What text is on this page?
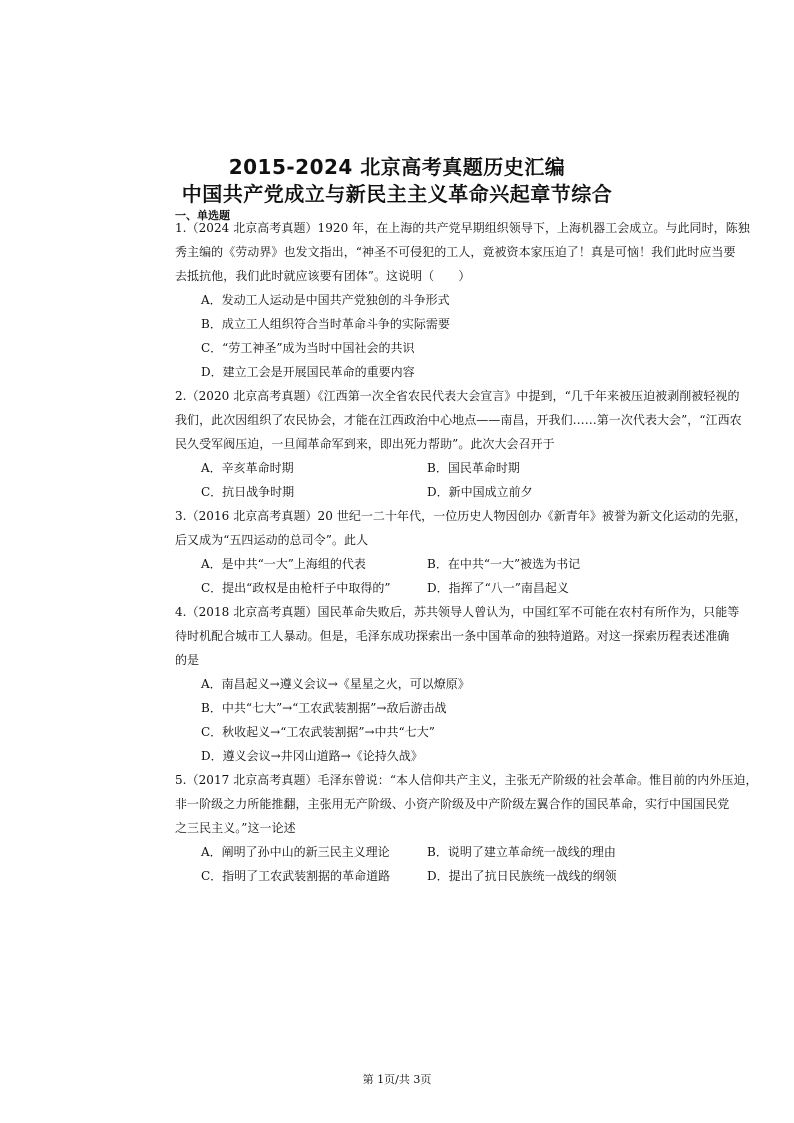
2015-2024 北京高考真题历史汇编
中国共产党成立与新民主主义革命兴起章节综合
一、单选题
1.（2024 北京高考真题）1920 年，在上海的共产党早期组织领导下，上海机器工会成立。与此同时，陈独
秀主编的《劳动界》也发文指出，“神圣不可侵犯的工人，竟被资本家压迫了！真是可恼！我们此时应当要
去抵抗他，我们此时就应该要有团体”。这说明（　　）
A．发动工人运动是中国共产党独创的斗争形式
B．成立工人组织符合当时革命斗争的实际需要
C．“劳工神圣”成为当时中国社会的共识
D．建立工会是开展国民革命的重要内容
2.（2020 北京高考真题）《江西第一次全省农民代表大会宣言》中提到，“几千年来被压迫被剥削被轻视的
我们，此次因组织了农民协会，才能在江西政治中心地点——南昌，开我们……第一次代表大会”，“江西农
民久受军阀压迫，一旦闻革命军到来，即出死力帮助”。此次大会召开于
A．辛亥革命时期	B．国民革命时期
C．抗日战争时期	D．新中国成立前夕
3.（2016 北京高考真题）20 世纪一二十年代，一位历史人物因创办《新青年》被誉为新文化运动的先驱，
后又成为“五四运动的总司令”。此人
A．是中共“一大”上海组的代表	B．在中共“一大”被选为书记
C．提出“政权是由枪杆子中取得的”	D．指挥了“八一”南昌起义
4.（2018 北京高考真题）国民革命失败后，苏共领导人曾认为，中国红军不可能在农村有所作为，只能等
待时机配合城市工人暴动。但是，毛泽东成功探索出一条中国革命的独特道路。对这一探索历程表述准确
的是
A．南昌起义→遵义会议→《星星之火，可以燎原》
B．中共“七大”→“工农武装割据”→敌后游击战
C．秋收起义→“工农武装割据”→中共“七大”
D．遵义会议→井冈山道路→《论持久战》
5.（2017 北京高考真题）毛泽东曾说：“本人信仰共产主义，主张无产阶级的社会革命。惟目前的内外压迫，
非一阶级之力所能推翻，主张用无产阶级、小资产阶级及中产阶级左翼合作的国民革命，实行中国国民党
之三民主义。”这一论述
A．阐明了孙中山的新三民主义理论	B．说明了建立革命统一战线的理由
C．指明了工农武装割据的革命道路	D．提出了抗日民族统一战线的纲领
第 1页/共 3页
